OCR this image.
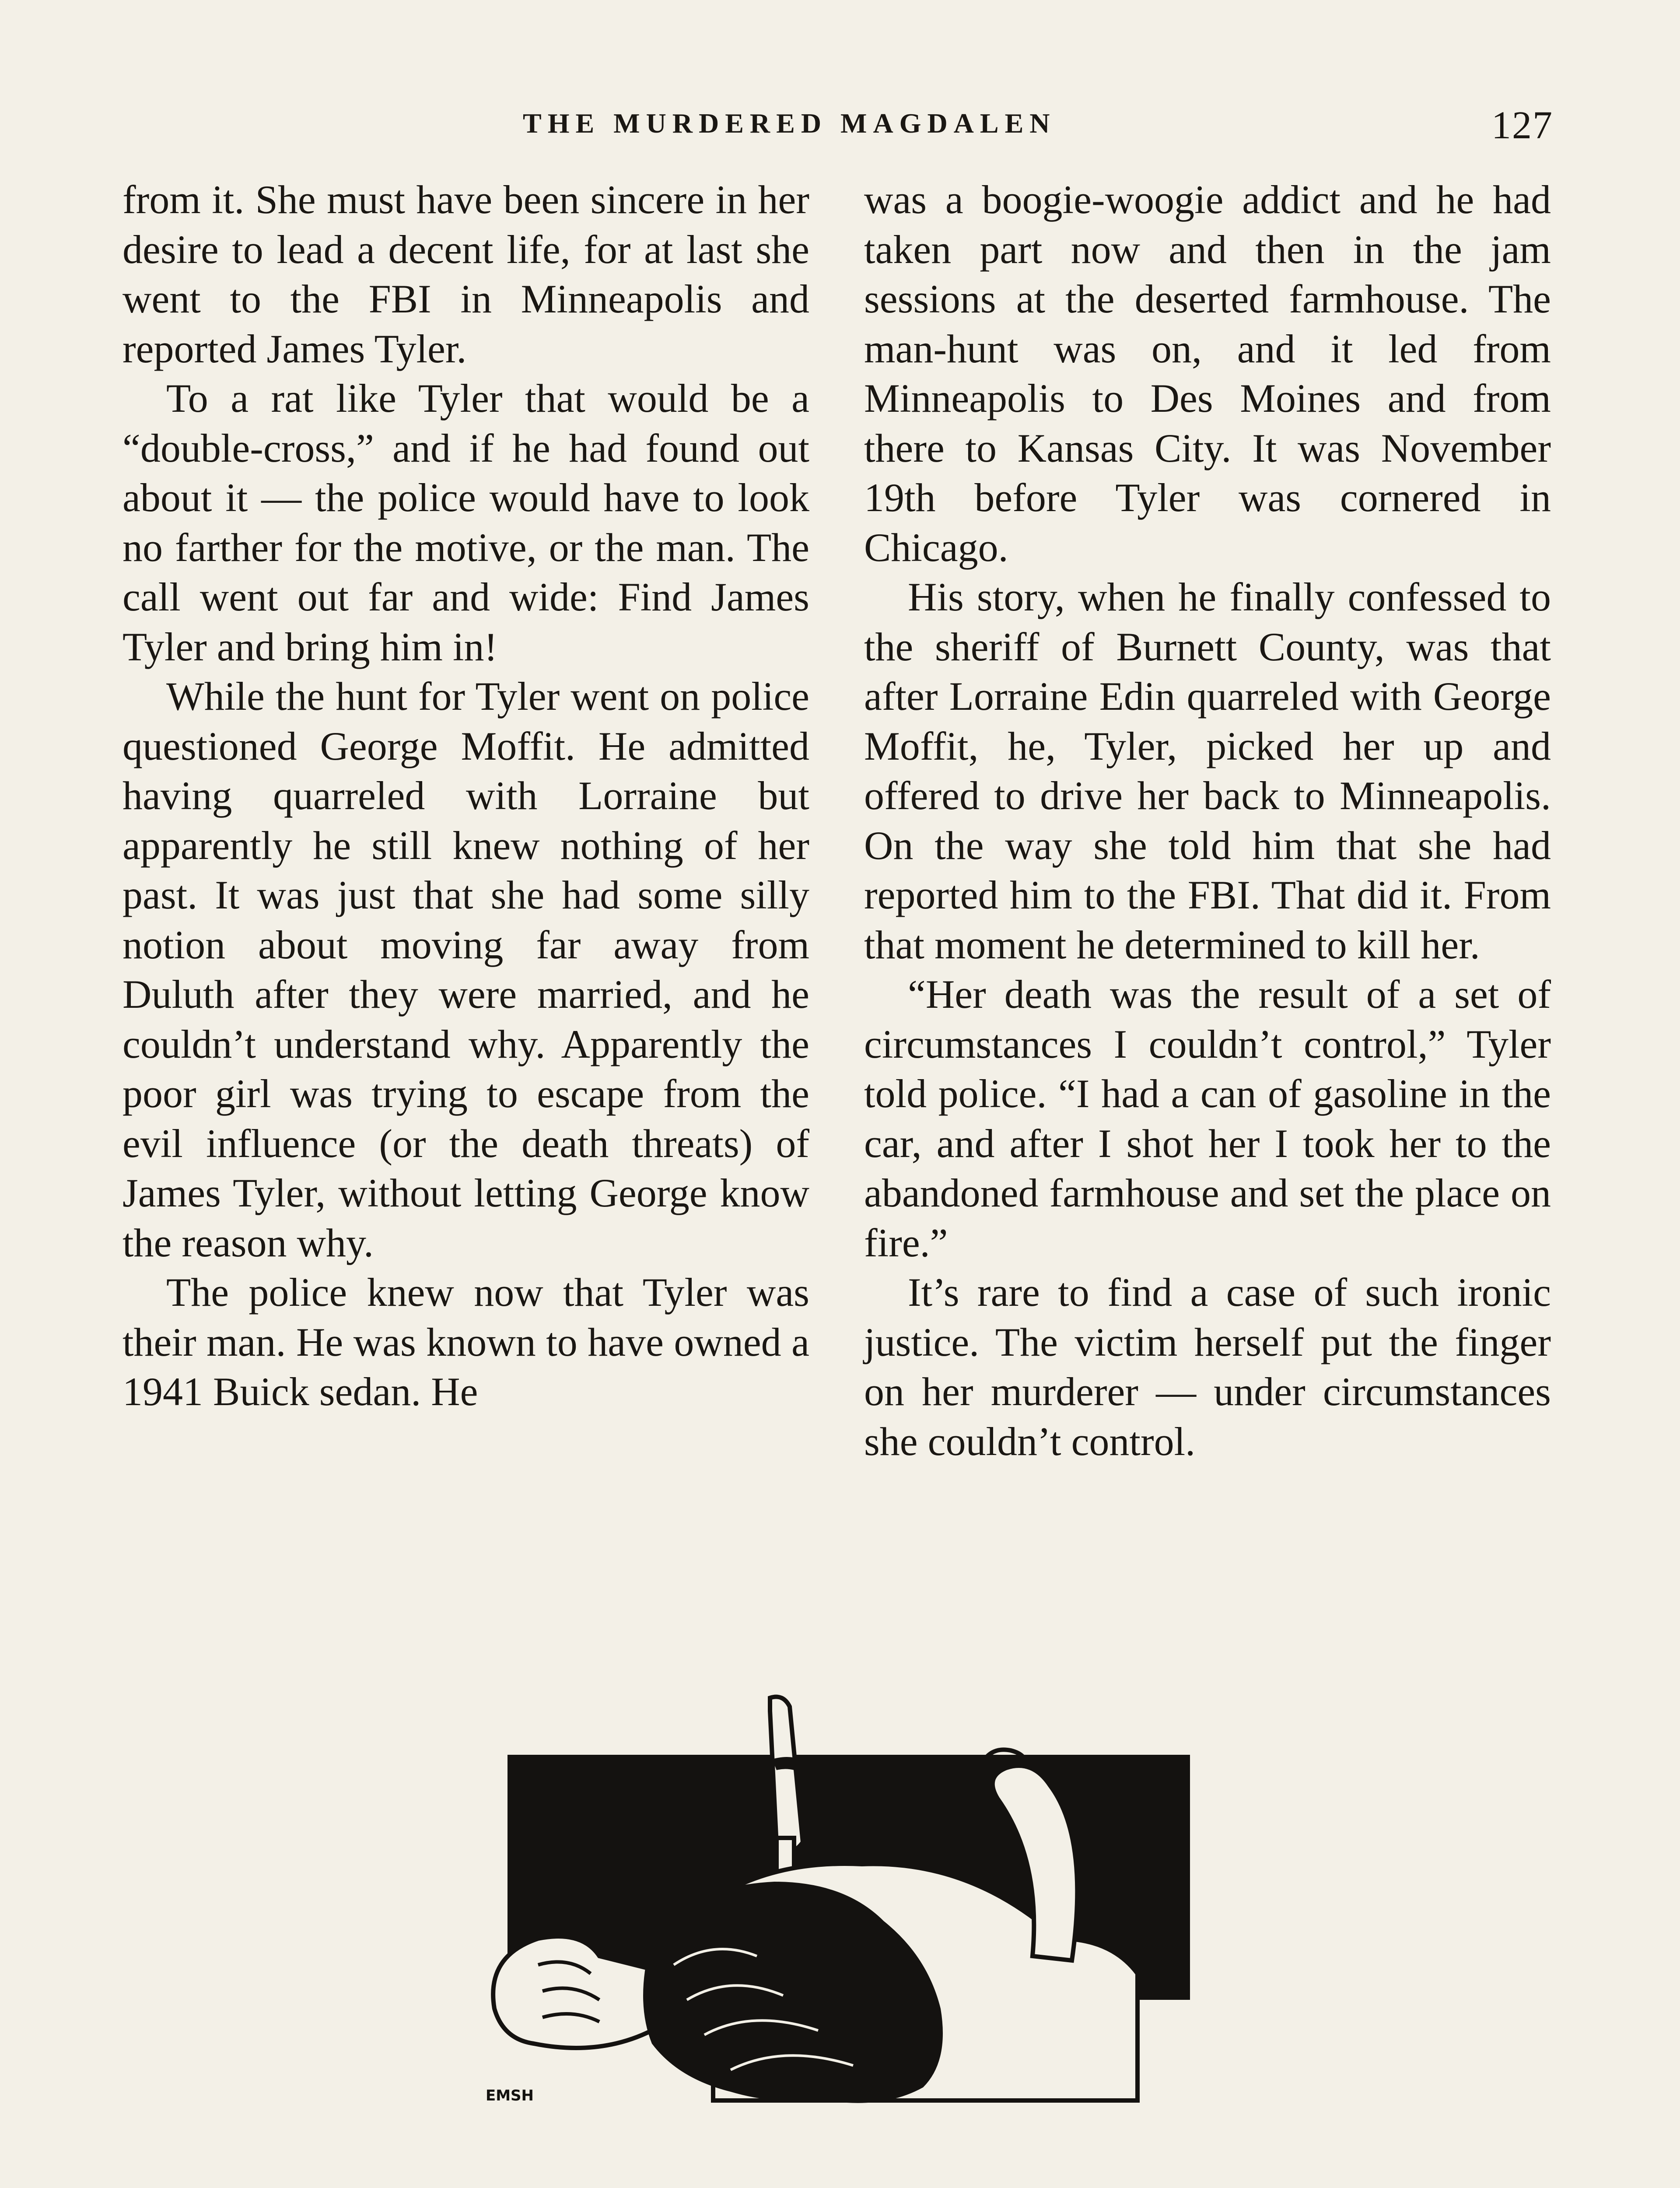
THE MURDERED MAGDALEN	127

from it. She must have been sincere in her desire to lead a decent life, for at last she went to the FBI in Minneapolis and reported James Tyler.

To a rat like Tyler that would be a “double-cross,” and if he had found out about it — the police would have to look no farther for the motive, or the man. The call went out far and wide: Find James Tyler and bring him in!

While the hunt for Tyler went on police questioned George Moffit. He admitted having quarreled with Lorraine but apparently he still knew nothing of her past. It was just that she had some silly notion about moving far away from Duluth after they were married, and he couldn’t understand why. Apparently the poor girl was trying to escape from the evil influence (or the death threats) of James Tyler, without letting George know the reason why.

The police knew now that Tyler was their man. He was known to have owned a 1941 Buick sedan. He

was a boogie-woogie addict and he had taken part now and then in the jam sessions at the deserted farmhouse. The man-hunt was on, and it led from Minneapolis to Des Moines and from there to Kansas City. It was November 19th before Tyler was cornered in Chicago.

His story, when he finally confessed to the sheriff of Burnett County, was that after Lorraine Edin quarreled with George Moffit, he, Tyler, picked her up and offered to drive her back to Minneapolis. On the way she told him that she had reported him to the FBI. That did it. From that moment he determined to kill her.

“Her death was the result of a set of circumstances I couldn’t control,” Tyler told police. “I had a can of gasoline in the car, and after I shot her I took her to the abandoned farmhouse and set the place on fire.”

It’s rare to find a case of such ironic justice. The victim herself put the finger on her murderer — under circumstances she couldn’t control.

EMSH
